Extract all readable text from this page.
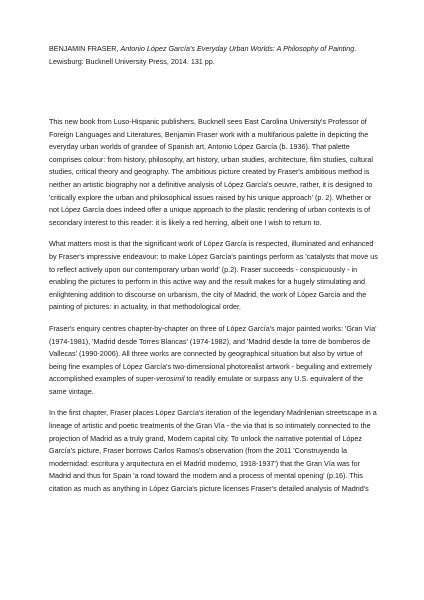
BENJAMIN FRASER, Antonio López García's Everyday Urban Worlds: A Philosophy of Painting.

Lewisburg: Bucknell University Press, 2014. 131 pp.

This new book from Luso-Hispanic publishers, Bucknell sees East Carolina University's Professor of Foreign Languages and Literatures, Benjamin Fraser work with a multifarious palette in depicting the everyday urban worlds of grandee of Spanish art, Antonio López García (b. 1936). That palette comprises colour: from history, philosophy, art history, urban studies, architecture, film studies, cultural studies, critical theory and geography. The ambitious picture created by Fraser's ambitious method is neither an artistic biography nor a definitive analysis of López García's oeuvre, rather, it is designed to 'critically explore the urban and philosophical issues raised by his unique approach' (p. 2). Whether or not López García does indeed offer a unique approach to the plastic rendering of urban contexts is of secondary interest to this reader: it is likely a red herring, albeit one I wish to return to.

What matters most is that the significant work of López García is respected, illuminated and enhanced by Fraser's impressive endeavour: to make López García's paintings perform as 'catalysts that move us to reflect actively upon our contemporary urban world' (p.2). Fraser succeeds - conspicuously - in enabling the pictures to perform in this active way and the result makes for a hugely stimulating and enlightening addition to discourse on urbanism, the city of Madrid, the work of López García and the painting of pictures: in actuality, in that methodological order.

Fraser's enquiry centres chapter-by-chapter on three of López García's major painted works: 'Gran Vía' (1974-1981), 'Madrid desde Torres Blancas' (1974-1982), and 'Madrid desde la torre de bomberos de Vallecas' (1990-2006). All three works are connected by geographical situation but also by virtue of being fine examples of López García's two-dimensional photorealist artwork - beguiling and extremely accomplished examples of super-verosimil to readily emulate or surpass any U.S. equivalent of the same vintage.

In the first chapter, Fraser places López García's iteration of the legendary Madrilenian streetscape in a lineage of artistic and poetic treatments of the Gran Vía - the via that is so intimately connected to the projection of Madrid as a truly grand, Modern capital city. To unlock the narrative potential of López García's picture, Fraser borrows Carlos Ramos's observation (from the 2011 'Construyendo la modernidad: escritura y arquitectura en el Madrid moderno, 1918-1937') that the Gran Vía was for Madrid and thus for Spain 'a road toward the modern and a process of mental opening' (p.16). This citation as much as anything in López García's picture licenses Fraser's detailed analysis of Madrid's
